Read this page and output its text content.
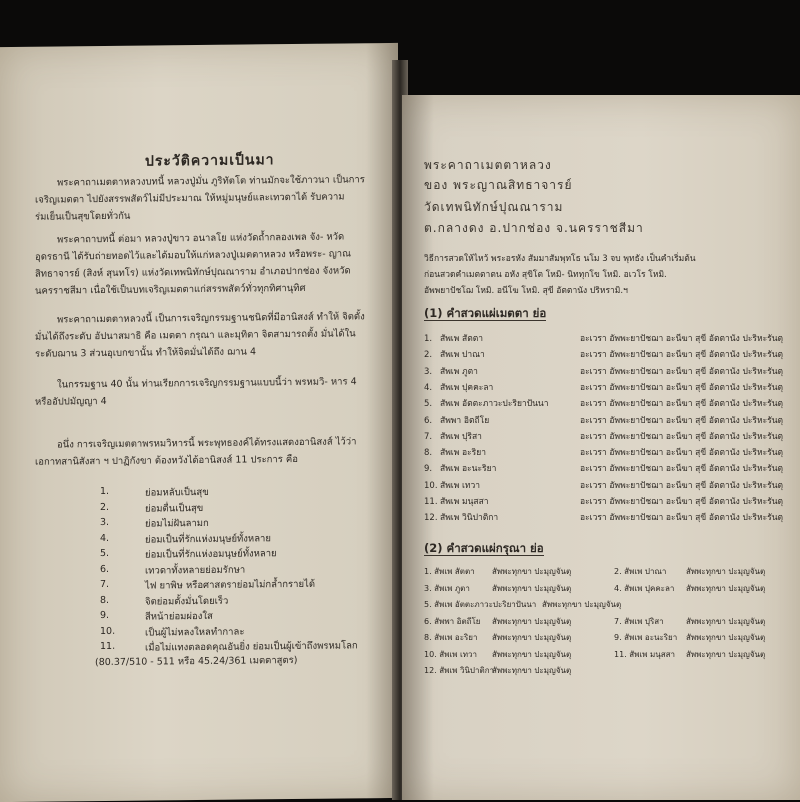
ประวัติความเป็นมา
พระคาถาเมตตาหลวงบทนี้ หลวงปู่มั่น ภูริทัตโต ท่านมักจะใช้ภาวนา เป็นการเจริญเมตตา ไปยังสรรพสัตว์ไม่มีประมาณ ให้หมู่มนุษย์และเทวดาได้ รับความร่มเย็นเป็นสุขโดยทั่วกัน
พระคาถาบทนี้ ต่อมา หลวงปู่ขาว อนาลโย แห่งวัดถ้ำกลองเพล จัง- หวัดอุดรธานี ได้รับถ่ายทอดไว้และได้มอบให้แก่หลวงปู่เมตตาหลวง หรือพระ- ญาณสิทธาจารย์ (สิงห์ สุนทโร) แห่งวัดเทพนิทักษ์ปุณณาราม อำเภอปากช่อง จังหวัดนครราชสีมา เนื่อใช้เป็นบทเจริญเมตตาแก่สรรพสัตว์ทั่วทุกทิศานุทิศ
พระคาถาเมตตาหลวงนี้ เป็นการเจริญกรรมฐานชนิดที่มีอานิสงส์ ทำให้ จิตตั้งมั่นได้ถึงระดับ อัปนาสมาธิ คือ เมตตา กรุณา และมุทิตา จิตสามารถตั้ง มั่นได้ในระดับฌาน 3 ส่วนอุเบกขานั้น ทำให้จิตมั่นได้ถึง ฌาน 4
ในกรรมฐาน 40 นั้น ท่านเรียกการเจริญกรรมฐานแบบนี้ว่า พรหมวิ- หาร 4 หรืออัปปมัญญา 4
อนึ่ง การเจริญเมตตาพรหมวิหารนี้ พระพุทธองค์ได้ทรงแสดงอานิสงส์ ไว้ว่า เอกาทสานิสังสา ฯ ปาฏิกังขา ต้องหวังได้อานิสงส์ 11 ประการ คือ
1.	ย่อมหลับเป็นสุข
2.	ย่อมตื่นเป็นสุข
3.	ย่อมไม่ฝันลามก
4.	ย่อมเป็นที่รักแห่งมนุษย์ทั้งหลาย
5.	ย่อมเป็นที่รักแห่งอมนุษย์ทั้งหลาย
6.	เทวดาทั้งหลายย่อมรักษา
7.	ไฟ ยาพิษ หรือศาสตราย่อมไม่กล้ำกรายได้
8.	จิตย่อมตั้งมั่นโดยเร็ว
9.	สีหน้าย่อมผ่องใส
10.	เป็นผู้ไม่หลงใหลทำกาละ
11.	เมื่อไม่แทงตลอดคุณอันยิ่ง ย่อมเป็นผู้เข้าถึงพรหมโลก
(80.37/510 - 511 หรือ 45.24/361 เมตตาสูตร)
พระคาถาเมตตาหลวง
ของ พระญาณสิทธาจารย์
วัดเทพนิทักษ์ปุณณาราม
ต.กลางดง อ.ปากช่อง จ.นครราชสีมา
วิธีการสวดให้ไหว้ พระอรหัง สัมมาสัมพุทโธ นโม 3 จบ พุทธัง เป็นคำเริ่มต้น
ก่อนสวดคำเมตตาตน อหัง สุขิโต โหมิ- นิททุกโข โหมิ. อเวโร โหมิ.
อัพพยาปัชโฌ โหมิ. อนีโฆ โหมิ. สุขี อัตตานัง ปริหรามิ.ฯ
(1) คำสวดแผ่เมตตา ย่อ
1. สัพเพ สัตตา	อะเวรา อัพพะยาปัชฌา อะนีฆา สุขี อัตตานัง ปะริหะรันตุ
2. สัพเพ ปาณา	อะเวรา อัพพะยาปัชฌา อะนีฆา สุขี อัตตานัง ปะริหะรันตุ
3. สัพเพ ภูตา	อะเวรา อัพพะยาปัชฌา อะนีฆา สุขี อัตตานัง ปะริหะรันตุ
4. สัพเพ ปุคคะลา	อะเวรา อัพพะยาปัชฌา อะนีฆา สุขี อัตตานัง ปะริหะรันตุ
5. สัพเพ อัตตะภาวะปะริยาปันนา	อะเวรา อัพพะยาปัชฌา อะนีฆา สุขี อัตตานัง ปะริหะรันตุ
6. สัพพา อิตถีโย	อะเวรา อัพพะยาปัชฌา อะนีฆา สุขี อัตตานัง ปะริหะรันตุ
7. สัพเพ ปุริสา	อะเวรา อัพพะยาปัชฌา อะนีฆา สุขี อัตตานัง ปะริหะรันตุ
8. สัพเพ อะริยา	อะเวรา อัพพะยาปัชฌา อะนีฆา สุขี อัตตานัง ปะริหะรันตุ
9. สัพเพ อะนะริยา	อะเวรา อัพพะยาปัชฌา อะนีฆา สุขี อัตตานัง ปะริหะรันตุ
10. สัพเพ เทวา	อะเวรา อัพพะยาปัชฌา อะนีฆา สุขี อัตตานัง ปะริหะรันตุ
11. สัพเพ มนุสสา	อะเวรา อัพพะยาปัชฌา อะนีฆา สุขี อัตตานัง ปะริหะรันตุ
12. สัพเพ วินิปาติกา	อะเวรา อัพพะยาปัชฌา อะนีฆา สุขี อัตตานัง ปะริหะรันตุ
(2) คำสวดแผ่กรุณา ย่อ
1. สัพเพ สัตตา สัพพะทุกขา ปะมุญจันตุ	2. สัพเพ ปาณา สัพพะทุกขา ปะมุญจันตุ
3. สัพเพ ภูตา	สัพพะทุกขา ปะมุญจันตุ	4. สัพเพ ปุคคะลา สัพพะทุกขา ปะมุญจันตุ
5. สัพเพ อัตตะภาวะปะริยาปันนา สัพพะทุกขา ปะมุญจันตุ
6. สัพพา อิตถีโย สัพพะทุกขา ปะมุญจันตุ	7. สัพเพ ปุริสา	สัพพะทุกขา ปะมุญจันตุ
8. สัพเพ อะริยา สัพพะทุกขา ปะมุญจันตุ	9. สัพเพ อะนะริยา สัพพะทุกขา ปะมุญจันตุ
10. สัพเพ เทวา สัพพะทุกขา ปะมุญจันตุ	11. สัพเพ มนุสสา สัพพะทุกขา ปะมุญจันตุ
12. สัพเพ วินิปาติกาสัพพะทุกขา ปะมุญจันตุ
